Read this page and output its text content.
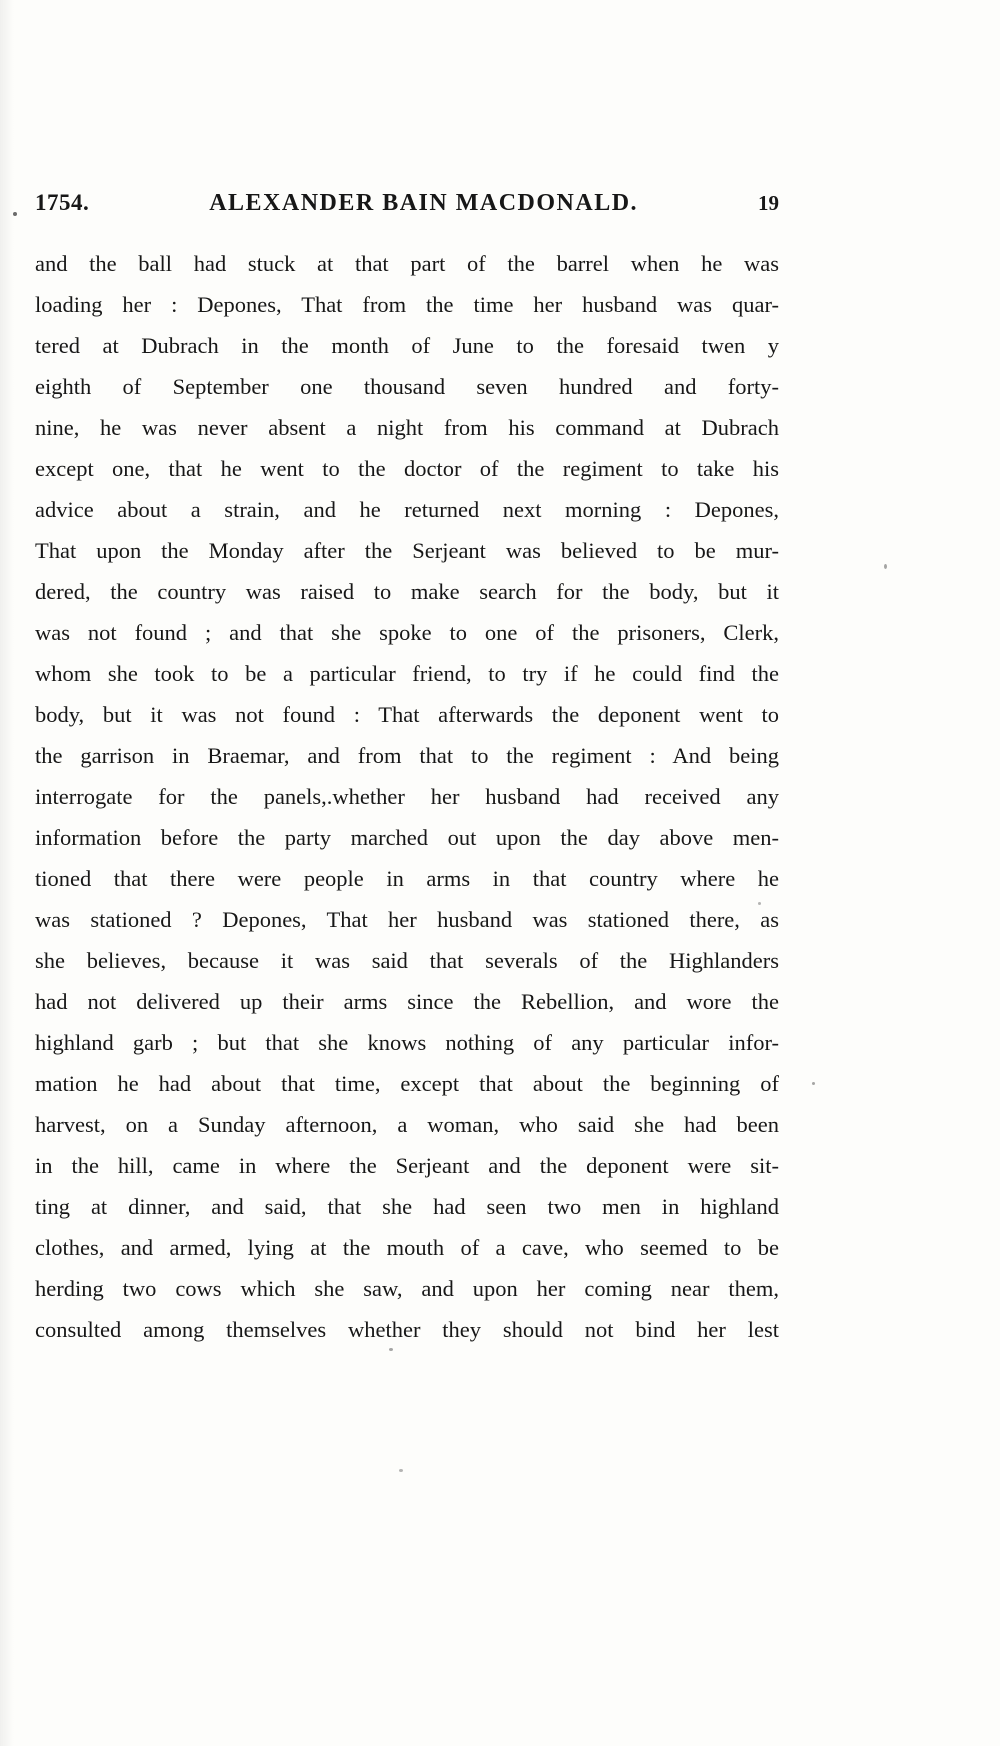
1754.	ALEXANDER BAIN MACDONALD.	19
and the ball had stuck at that part of the barrel when he was
loading her : Depones, That from the time her husband was quar-
tered at Dubrach in the month of June to the foresaid twen y
eighth of September one thousand seven hundred and forty-
nine, he was never absent a night from his command at Dubrach
except one, that he went to the doctor of the regiment to take his
advice about a strain, and he returned next morning : Depones,
That upon the Monday after the Serjeant was believed to be mur-
dered, the country was raised to make search for the body, but it
was not found ; and that she spoke to one of the prisoners, Clerk,
whom she took to be a particular friend, to try if he could find the
body, but it was not found : That afterwards the deponent went to
the garrison in Braemar, and from that to the regiment : And being
interrogate for the panels,.whether her husband had received any
information before the party marched out upon the day above men-
tioned that there were people in arms in that country where he
was stationed ? Depones, That her husband was stationed there, as
she believes, because it was said that severals of the Highlanders
had not delivered up their arms since the Rebellion, and wore the
highland garb ; but that she knows nothing of any particular infor-
mation he had about that time, except that about the beginning of
harvest, on a Sunday afternoon, a woman, who said she had been
in the hill, came in where the Serjeant and the deponent were sit-
ting at dinner, and said, that she had seen two men in highland
clothes, and armed, lying at the mouth of a cave, who seemed to be
herding two cows which she saw, and upon her coming near them,
consulted among themselves whether they should not bind her lest
